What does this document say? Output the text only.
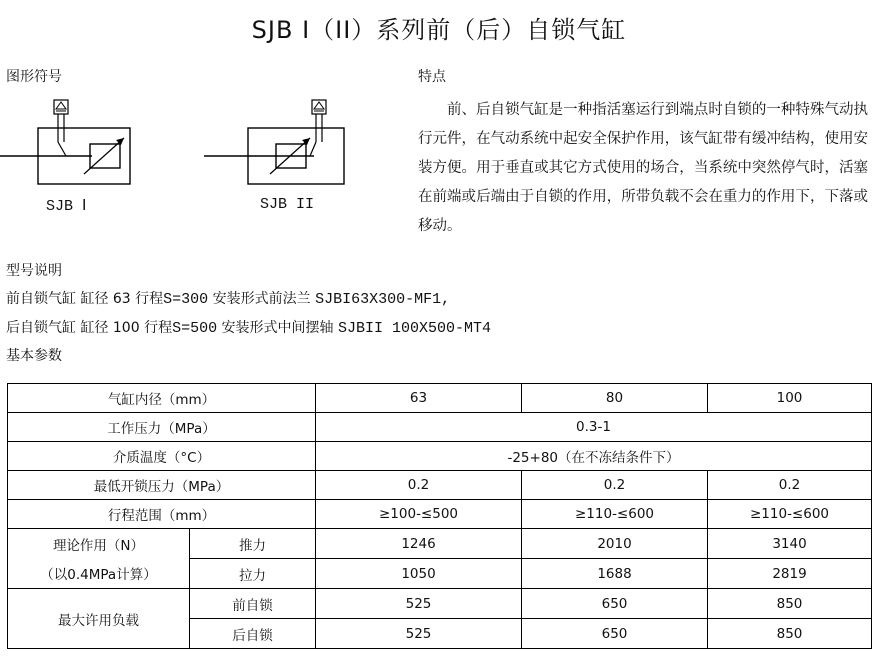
SJB Ⅰ（II）系列前（后）自锁气缸
图形符号	特点
SJB Ⅰ	SJB II
前、后自锁气缸是一种指活塞运行到端点时自锁的一种特殊气动执行元件，在气动系统中起安全保护作用，该气缸带有缓冲结构，使用安装方便。用于垂直或其它方式使用的场合，当系统中突然停气时，活塞在前端或后端由于自锁的作用，所带负载不会在重力的作用下，下落或移动。
型号说明
前自锁气缸 缸径 63 行程S=300 安装形式前法兰 SJBI63X300-MF1,
后自锁气缸 缸径 100 行程S=500 安装形式中间摆轴 SJBII 100X500-MT4
基本参数
气缸内径（mm）		63	80	100
工作压力（MPa）		0.3-1		
介质温度（°C）		-25+80（在不冻结条件下）		
最低开锁压力（MPa）		0.2	0.2	0.2
行程范围（mm）		≥100-≤500	≥110-≤600	≥110-≤600
理论作用（N）	推力	1246	2010	3140
（以0.4MPa计算）	拉力	1050	1688	2819
最大许用负载	前自锁	525	650	850
	后自锁	525	650	850
